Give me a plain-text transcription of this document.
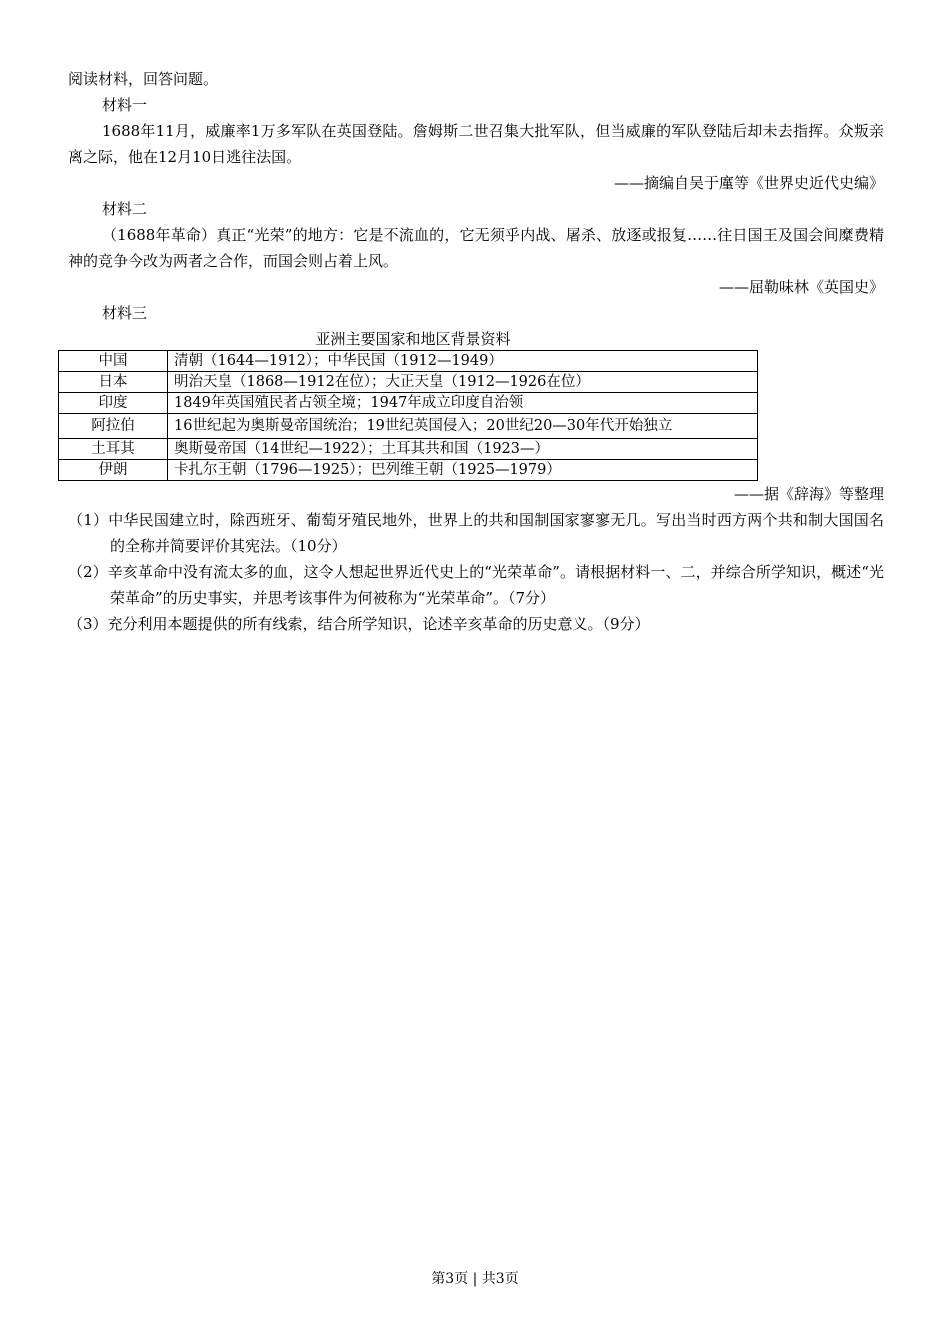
阅读材料，回答问题。

材料一

1688年11月，威廉率1万多军队在英国登陆。詹姆斯二世召集大批军队，但当威廉的军队登陆后却未去指挥。众叛亲离之际，他在12月10日逃往法国。

——摘编自吴于廑等《世界史近代史编》

材料二

（1688年革命）真正“光荣”的地方：它是不流血的，它无须乎内战、屠杀、放逐或报复……往日国王及国会间糜费精神的竞争今改为两者之合作，而国会则占着上风。

——屈勒味林《英国史》

材料三

亚洲主要国家和地区背景资料

中国	清朝（1644—1912）；中华民国（1912—1949）
日本	明治天皇（1868—1912在位）；大正天皇（1912—1926在位）
印度	1849年英国殖民者占领全境；1947年成立印度自治领
阿拉伯	16世纪起为奥斯曼帝国统治；19世纪英国侵入；20世纪20—30年代开始独立
土耳其	奥斯曼帝国（14世纪—1922）；土耳其共和国（1923—）
伊朗	卡扎尔王朝（1796—1925）；巴列维王朝（1925—1979）

——据《辞海》等整理

（1）中华民国建立时，除西班牙、葡萄牙殖民地外，世界上的共和国制国家寥寥无几。写出当时西方两个共和制大国国名的全称并简要评价其宪法。（10分）

（2）辛亥革命中没有流太多的血，这令人想起世界近代史上的“光荣革命”。请根据材料一、二，并综合所学知识，概述“光荣革命”的历史事实，并思考该事件为何被称为“光荣革命”。（7分）

（3）充分利用本题提供的所有线索，结合所学知识，论述辛亥革命的历史意义。（9分）

第3页 | 共3页
